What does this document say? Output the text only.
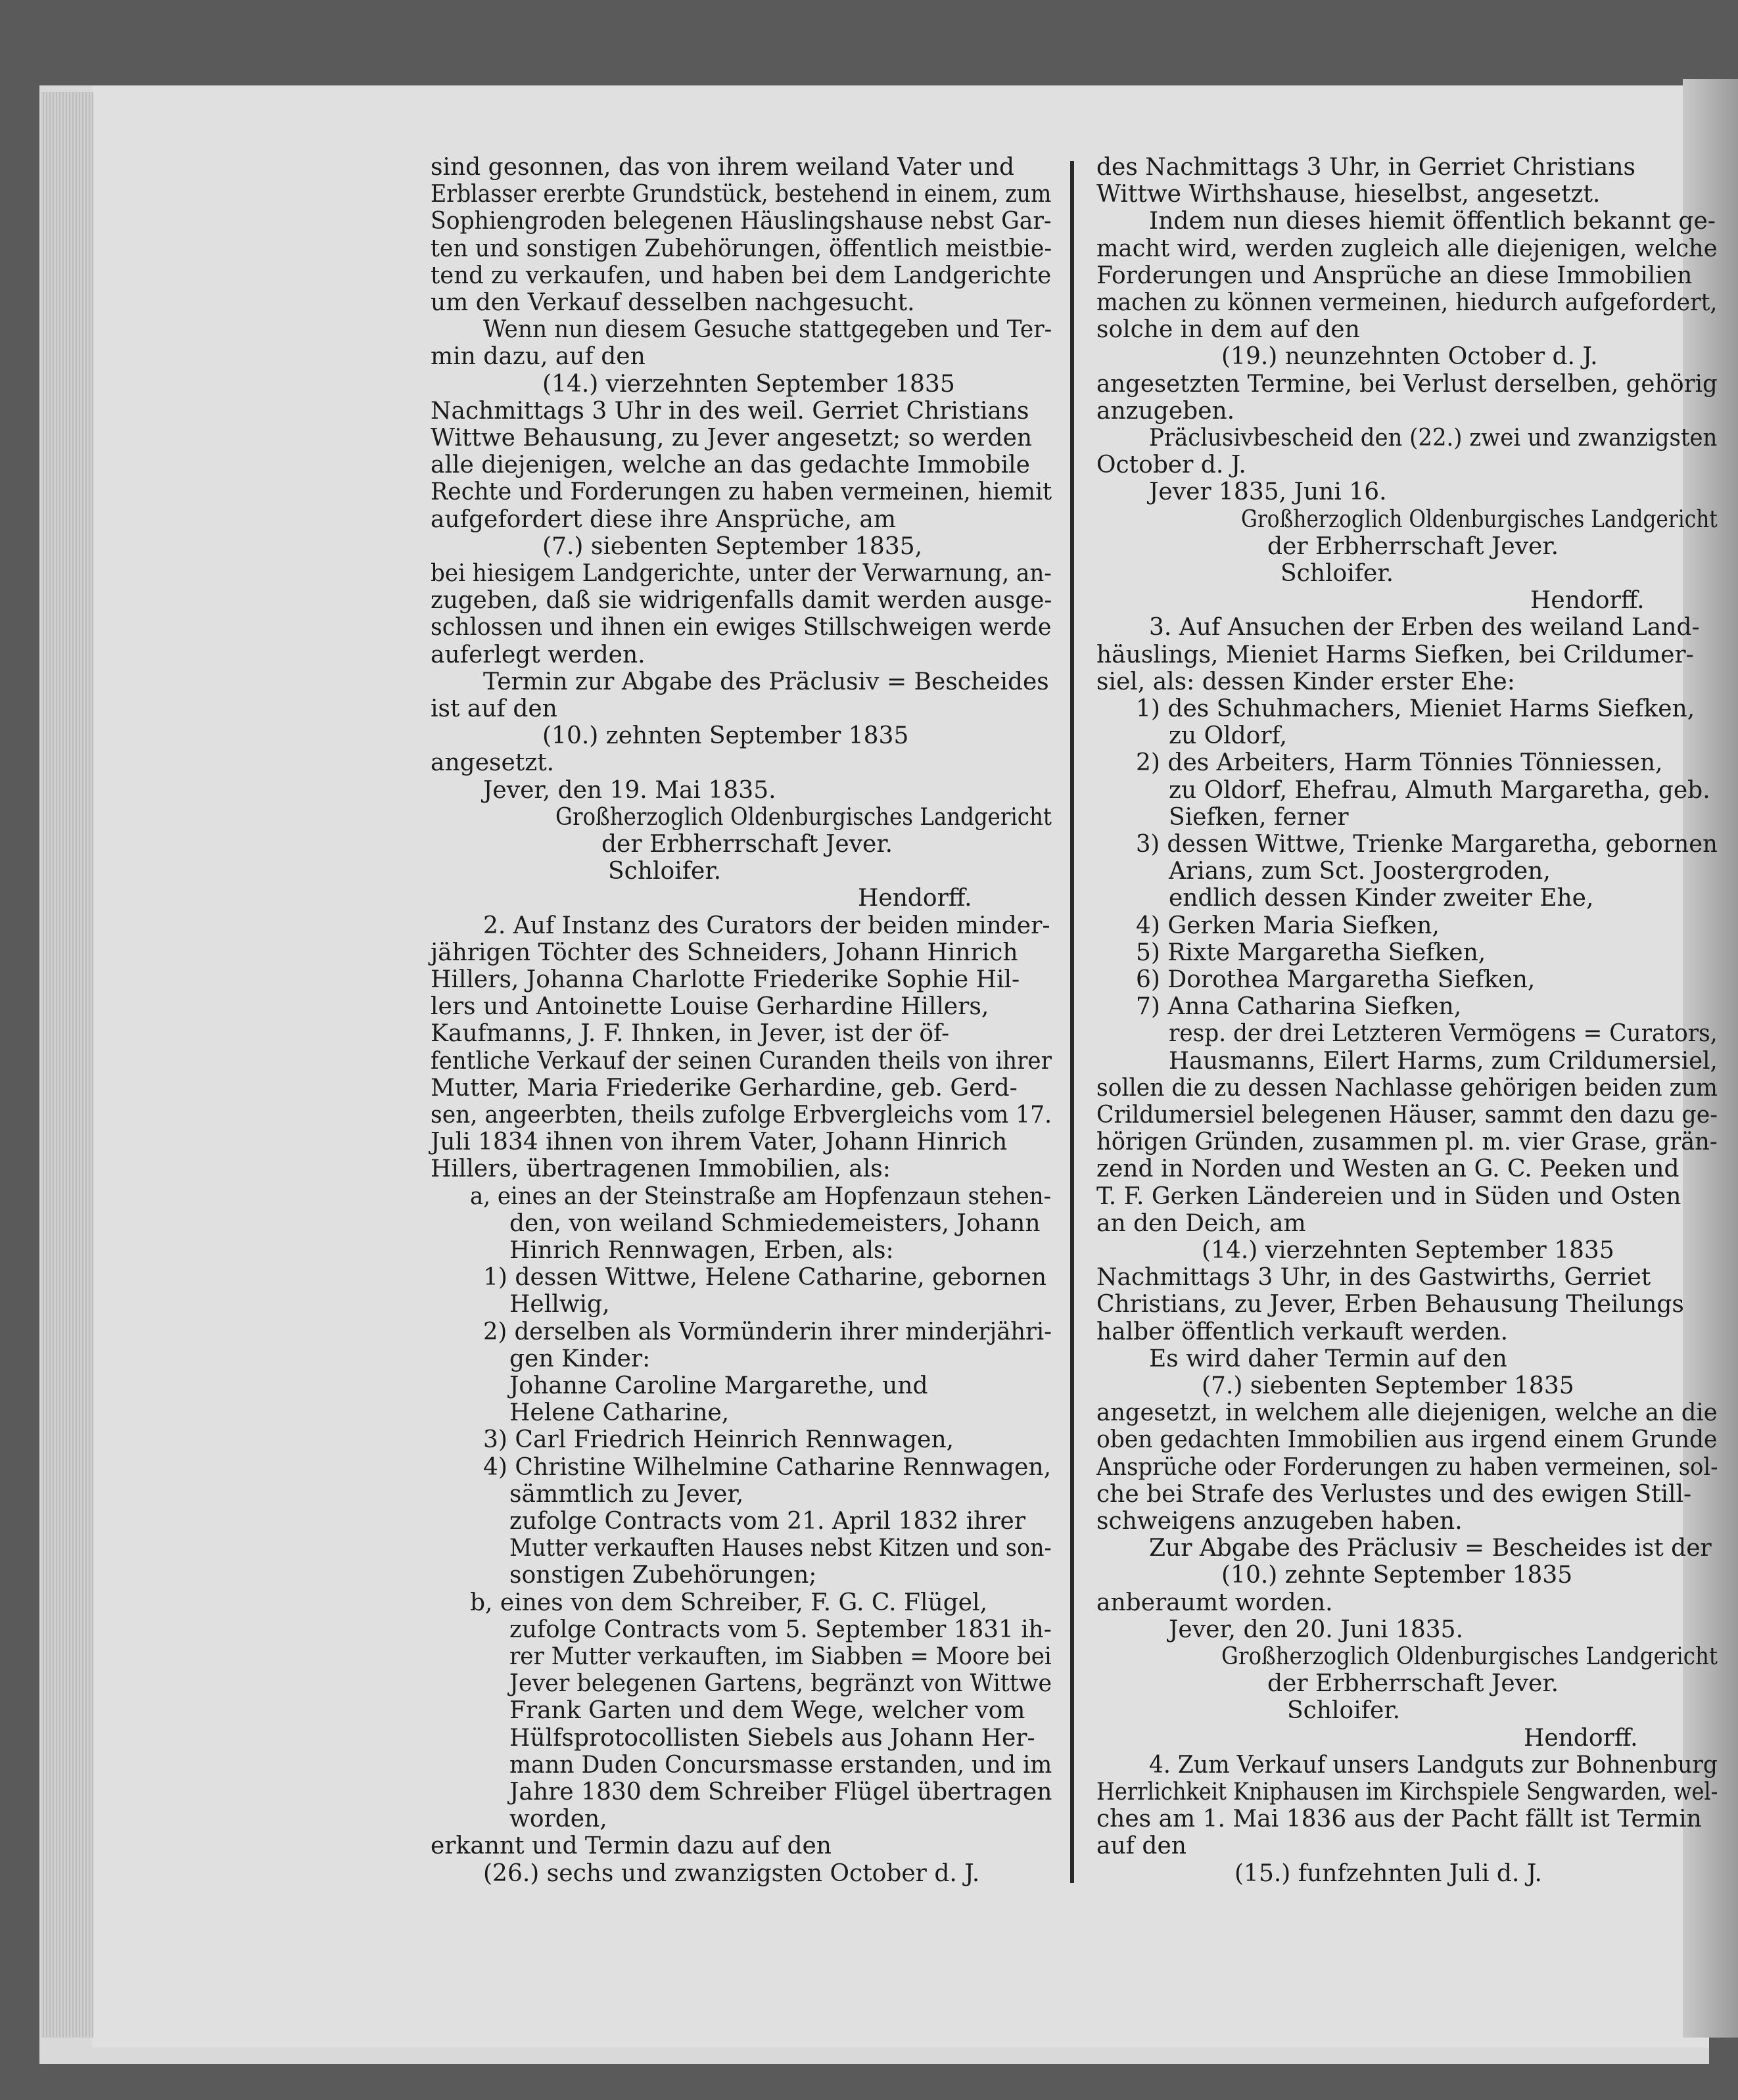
sind gesonnen, das von ihrem weiland Vater und
Erblasser ererbte Grundstück, bestehend in einem, zum
Sophiengroden belegenen Häuslingshause nebst Gar-
ten und sonstigen Zubehörungen, öffentlich meistbie-
tend zu verkaufen, und haben bei dem Landgerichte
um den Verkauf desselben nachgesucht.
Wenn nun diesem Gesuche stattgegeben und Ter-
min dazu, auf den
(14.) vierzehnten September 1835
Nachmittags 3 Uhr in des weil. Gerriet Christians
Wittwe Behausung, zu Jever angesetzt; so werden
alle diejenigen, welche an das gedachte Immobile
Rechte und Forderungen zu haben vermeinen, hiemit
aufgefordert diese ihre Ansprüche, am
(7.) siebenten September 1835,
bei hiesigem Landgerichte, unter der Verwarnung, an-
zugeben, daß sie widrigenfalls damit werden ausge-
schlossen und ihnen ein ewiges Stillschweigen werde
auferlegt werden.
Termin zur Abgabe des Präclusiv = Bescheides
ist auf den
(10.) zehnten September 1835
angesetzt.
Jever, den 19. Mai 1835.
Großherzoglich Oldenburgisches Landgericht
der Erbherrschaft Jever.
Schloifer.
Hendorff.
2. Auf Instanz des Curators der beiden minder-
jährigen Töchter des Schneiders, Johann Hinrich
Hillers, Johanna Charlotte Friederike Sophie Hil-
lers und Antoinette Louise Gerhardine Hillers,
Kaufmanns, J. F. Ihnken, in Jever, ist der öf-
fentliche Verkauf der seinen Curanden theils von ihrer
Mutter, Maria Friederike Gerhardine, geb. Gerd-
sen, angeerbten, theils zufolge Erbvergleichs vom 17.
Juli 1834 ihnen von ihrem Vater, Johann Hinrich
Hillers, übertragenen Immobilien, als:
a, eines an der Steinstraße am Hopfenzaun stehen-
den, von weiland Schmiedemeisters, Johann
Hinrich Rennwagen, Erben, als:
1) dessen Wittwe, Helene Catharine, gebornen
Hellwig,
2) derselben als Vormünderin ihrer minderjähri-
gen Kinder:
Johanne Caroline Margarethe, und
Helene Catharine,
3) Carl Friedrich Heinrich Rennwagen,
4) Christine Wilhelmine Catharine Rennwagen,
sämmtlich zu Jever,
zufolge Contracts vom 21. April 1832 ihrer
Mutter verkauften Hauses nebst Kitzen und son-
sonstigen Zubehörungen;
b, eines von dem Schreiber, F. G. C. Flügel,
zufolge Contracts vom 5. September 1831 ih-
rer Mutter verkauften, im Siabben = Moore bei
Jever belegenen Gartens, begränzt von Wittwe
Frank Garten und dem Wege, welcher vom
Hülfsprotocollisten Siebels aus Johann Her-
mann Duden Concursmasse erstanden, und im
Jahre 1830 dem Schreiber Flügel übertragen
worden,
erkannt und Termin dazu auf den
(26.) sechs und zwanzigsten October d. J.
des Nachmittags 3 Uhr, in Gerriet Christians
Wittwe Wirthshause, hieselbst, angesetzt.
Indem nun dieses hiemit öffentlich bekannt ge-
macht wird, werden zugleich alle diejenigen, welche
Forderungen und Ansprüche an diese Immobilien
machen zu können vermeinen, hiedurch aufgefordert,
solche in dem auf den
(19.) neunzehnten October d. J.
angesetzten Termine, bei Verlust derselben, gehörig
anzugeben.
Präclusivbescheid den (22.) zwei und zwanzigsten
October d. J.
Jever 1835, Juni 16.
Großherzoglich Oldenburgisches Landgericht
der Erbherrschaft Jever.
Schloifer.
Hendorff.
3. Auf Ansuchen der Erben des weiland Land-
häuslings, Mieniet Harms Siefken, bei Crildumer-
siel, als: dessen Kinder erster Ehe:
1) des Schuhmachers, Mieniet Harms Siefken,
zu Oldorf,
2) des Arbeiters, Harm Tönnies Tönniessen,
zu Oldorf, Ehefrau, Almuth Margaretha, geb.
Siefken, ferner
3) dessen Wittwe, Trienke Margaretha, gebornen
Arians, zum Sct. Joostergroden,
endlich dessen Kinder zweiter Ehe,
4) Gerken Maria Siefken,
5) Rixte Margaretha Siefken,
6) Dorothea Margaretha Siefken,
7) Anna Catharina Siefken,
resp. der drei Letzteren Vermögens = Curators,
Hausmanns, Eilert Harms, zum Crildumersiel,
sollen die zu dessen Nachlasse gehörigen beiden zum
Crildumersiel belegenen Häuser, sammt den dazu ge-
hörigen Gründen, zusammen pl. m. vier Grase, grän-
zend in Norden und Westen an G. C. Peeken und
T. F. Gerken Ländereien und in Süden und Osten
an den Deich, am
(14.) vierzehnten September 1835
Nachmittags 3 Uhr, in des Gastwirths, Gerriet
Christians, zu Jever, Erben Behausung Theilungs
halber öffentlich verkauft werden.
Es wird daher Termin auf den
(7.) siebenten September 1835
angesetzt, in welchem alle diejenigen, welche an die
oben gedachten Immobilien aus irgend einem Grunde
Ansprüche oder Forderungen zu haben vermeinen, sol-
che bei Strafe des Verlustes und des ewigen Still-
schweigens anzugeben haben.
Zur Abgabe des Präclusiv = Bescheides ist der
(10.) zehnte September 1835
anberaumt worden.
Jever, den 20. Juni 1835.
Großherzoglich Oldenburgisches Landgericht
der Erbherrschaft Jever.
Schloifer.
Hendorff.
4. Zum Verkauf unsers Landguts zur Bohnenburg
Herrlichkeit Kniphausen im Kirchspiele Sengwarden, wel-
ches am 1. Mai 1836 aus der Pacht fällt ist Termin
auf den
(15.) funfzehnten Juli d. J.
